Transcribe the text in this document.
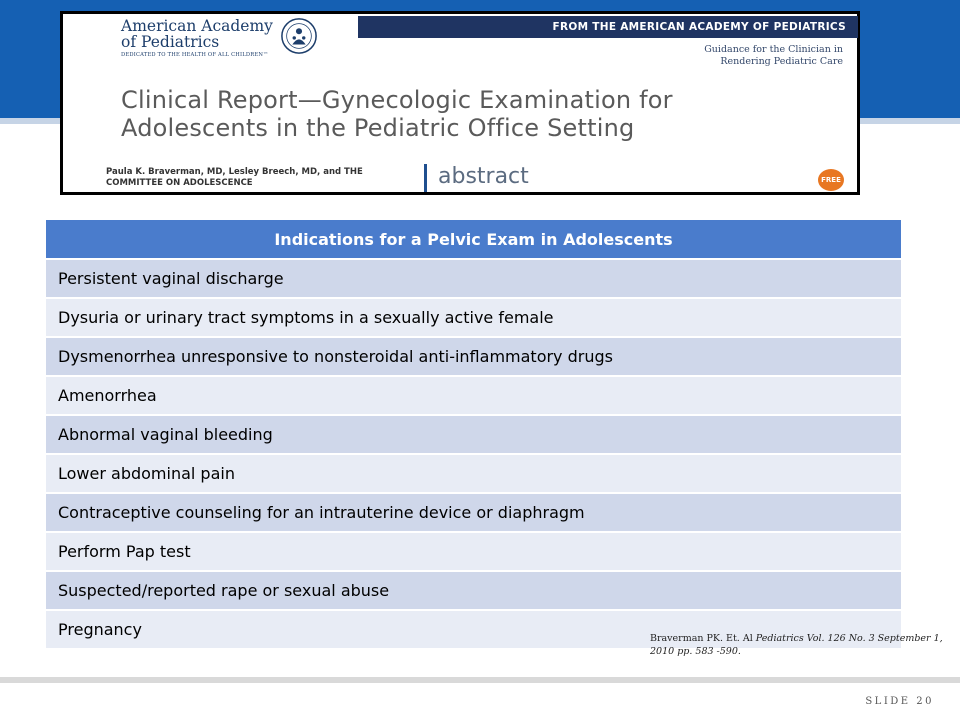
American Academy
of Pediatrics
DEDICATED TO THE HEALTH OF ALL CHILDREN™
FROM THE AMERICAN ACADEMY OF PEDIATRICS
Guidance for the Clinician in
Rendering Pediatric Care
Clinical Report—Gynecologic Examination for
Adolescents in the Pediatric Office Setting
Paula K. Braverman, MD, Lesley Breech, MD, and THE COMMITTEE ON ADOLESCENCE	abstract	FREE
Indications for a Pelvic Exam in Adolescents
Persistent vaginal discharge
Dysuria or urinary tract symptoms in a sexually active female
Dysmenorrhea unresponsive to nonsteroidal anti-inflammatory drugs
Amenorrhea
Abnormal vaginal bleeding
Lower abdominal pain
Contraceptive counseling for an intrauterine device or diaphragm
Perform Pap test
Suspected/reported rape or sexual abuse
Pregnancy	Braverman PK. Et. Al Pediatrics Vol. 126 No. 3 September 1, 2010 pp. 583 -590.
SLIDE 20
